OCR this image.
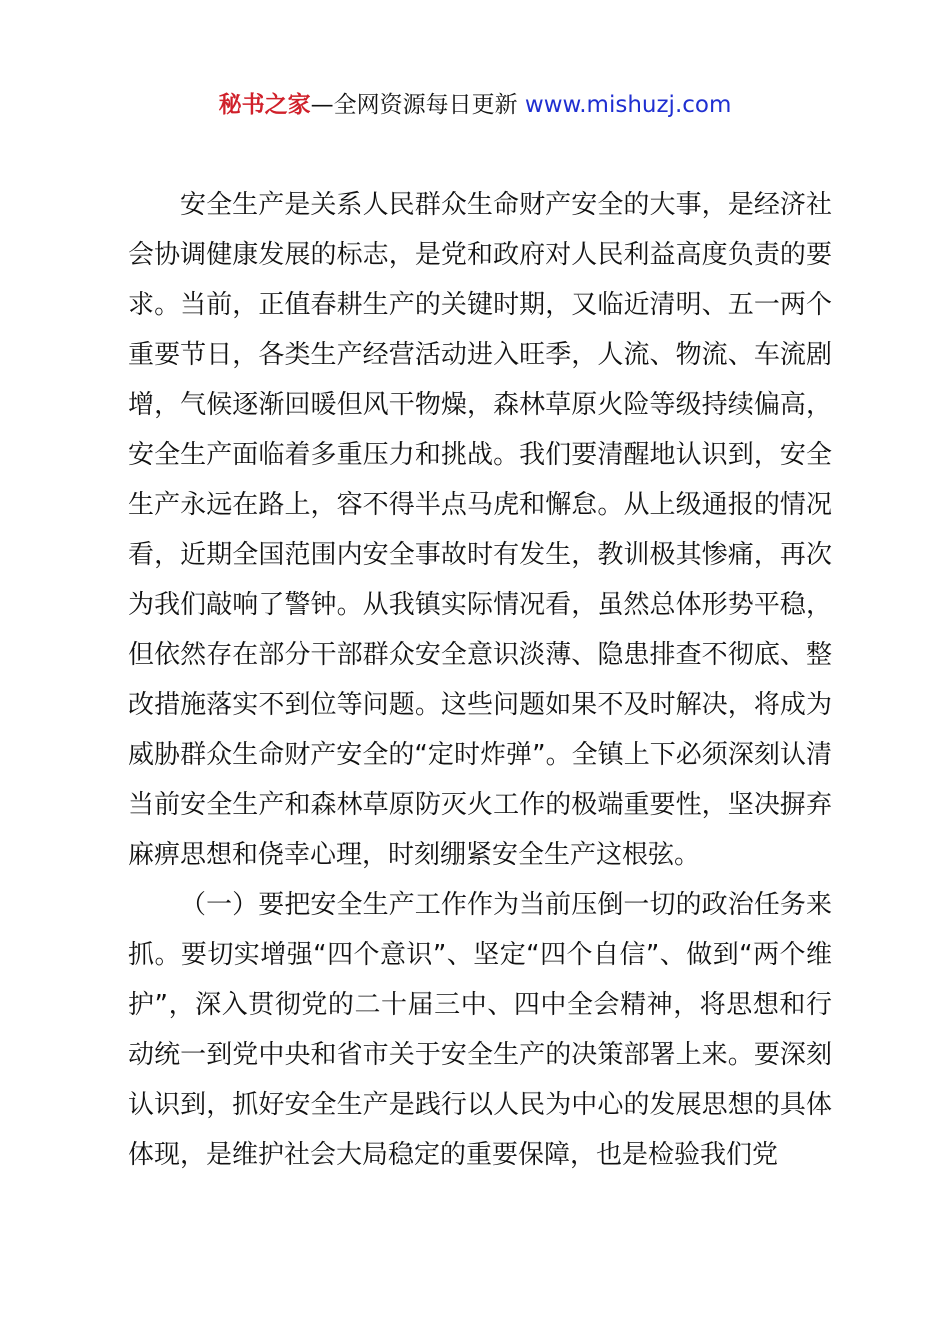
秘书之家—全网资源每日更新 www.mishuzj.com

安全生产是关系人民群众生命财产安全的大事，是经济社会协调健康发展的标志，是党和政府对人民利益高度负责的要求。当前，正值春耕生产的关键时期，又临近清明、五一两个重要节日，各类生产经营活动进入旺季，人流、物流、车流剧增，气候逐渐回暖但风干物燥，森林草原火险等级持续偏高，安全生产面临着多重压力和挑战。我们要清醒地认识到，安全生产永远在路上，容不得半点马虎和懈怠。从上级通报的情况看，近期全国范围内安全事故时有发生，教训极其惨痛，再次为我们敲响了警钟。从我镇实际情况看，虽然总体形势平稳，但依然存在部分干部群众安全意识淡薄、隐患排查不彻底、整改措施落实不到位等问题。这些问题如果不及时解决，将成为威胁群众生命财产安全的“定时炸弹”。全镇上下必须深刻认清当前安全生产和森林草原防灭火工作的极端重要性，坚决摒弃麻痹思想和侥幸心理，时刻绷紧安全生产这根弦。

（一）要把安全生产工作作为当前压倒一切的政治任务来抓。要切实增强“四个意识”、坚定“四个自信”、做到“两个维护”，深入贯彻党的二十届三中、四中全会精神，将思想和行动统一到党中央和省市关于安全生产的决策部署上来。要深刻认识到，抓好安全生产是践行以人民为中心的发展思想的具体体现，是维护社会大局稳定的重要保障，也是检验我们党
